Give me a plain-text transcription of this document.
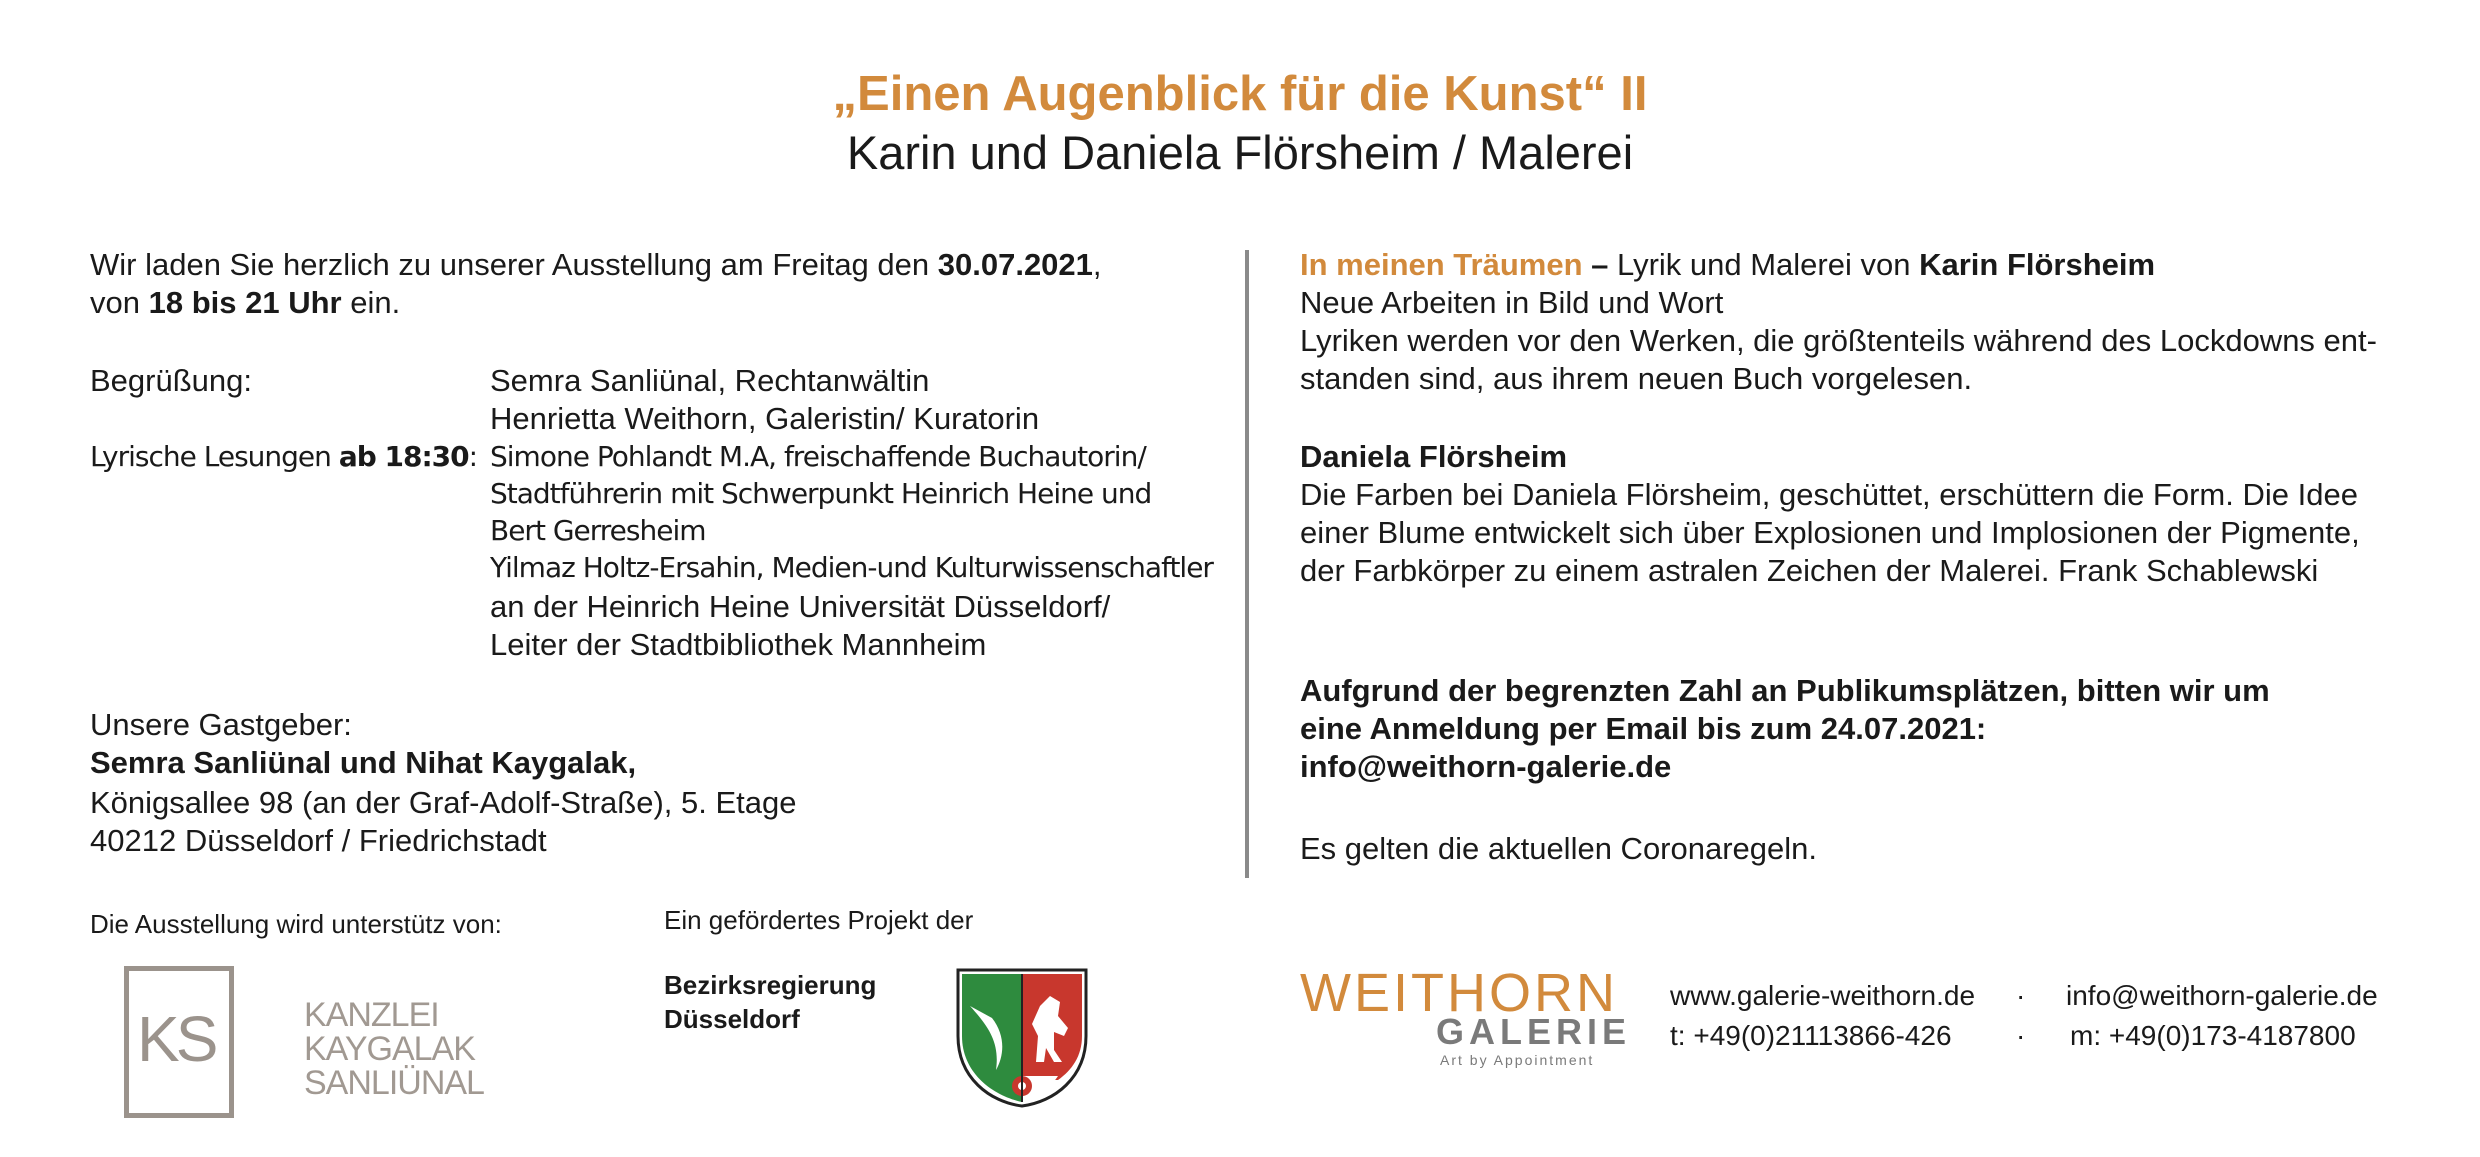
„Einen Augenblick für die Kunst“ II
Karin und Daniela Flörsheim / Malerei
Wir laden Sie herzlich zu unserer Ausstellung am Freitag den 30.07.2021,
von 18 bis 21 Uhr ein.
Begrüßung:	Semra Sanliünal, Rechtanwältin
Henrietta Weithorn, Galeristin/ Kuratorin
Lyrische Lesungen ab 18:30: Simone Pohlandt M.A, freischaffende Buchautorin/
Stadtführerin mit Schwerpunkt Heinrich Heine und
Bert Gerresheim
Yilmaz Holtz-Ersahin, Medien-und Kulturwissenschaftler
an der Heinrich Heine Universität Düsseldorf/
Leiter der Stadtbibliothek Mannheim
Unsere Gastgeber:
Semra Sanliünal und Nihat Kaygalak,
Königsallee 98 (an der Graf-Adolf-Straße), 5. Etage
40212 Düsseldorf / Friedrichstadt
In meinen Träumen – Lyrik und Malerei von Karin Flörsheim
Neue Arbeiten in Bild und Wort
Lyriken werden vor den Werken, die größtenteils während des Lockdowns ent-
standen sind, aus ihrem neuen Buch vorgelesen.
Daniela Flörsheim
Die Farben bei Daniela Flörsheim, geschüttet, erschüttern die Form. Die Idee
einer Blume entwickelt sich über Explosionen und Implosionen der Pigmente,
der Farbkörper zu einem astralen Zeichen der Malerei. Frank Schablewski
Aufgrund der begrenzten Zahl an Publikumsplätzen, bitten wir um
eine Anmeldung per Email bis zum 24.07.2021:
info@weithorn-galerie.de
Es gelten die aktuellen Coronaregeln.
Die Ausstellung wird unterstütz von:	Ein gefördertes Projekt der
KS	KANZLEI
KAYGALAK
SANLIÜNAL
Bezirksregierung
Düsseldorf	WEITHORN
GALERIE
Art by Appointment
www.galerie-weithorn.de · info@weithorn-galerie.de
t: +49(0)21113866-426 · m: +49(0)173-4187800
